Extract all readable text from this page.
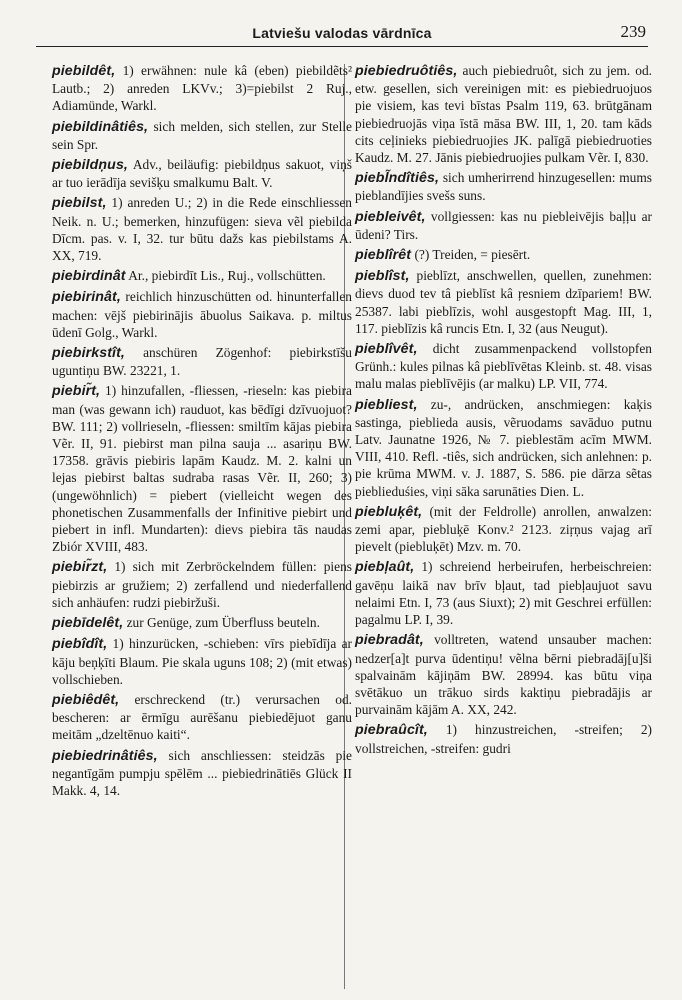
Latviešu valodas vārdnīca	239

piebildêt, 1) erwähnen: nule kâ (eben) piebildẽts² Lautb.; 2) anreden LKVv.; 3)=piebilst 2 Ruj., Adiamünde, Warkl.

piebildinâtiês, sich melden, sich stellen, zur Stelle sein Spr.

piebildņus, Adv., beiläufig: piebildņus sakuot, viņš ar tuo ierādīja sevišķu smalkumu Balt. V.

piebilst, 1) anreden U.; 2) in die Rede einschliessen Neik. n. U.; bemerken, hinzufügen: sieva vẽl piebilda Dīcm. pas. v. I, 32. tur būtu dažs kas piebilstams A. XX, 719.

piebirdinât Ar., piebirdīt Lis., Ruj., vollschütten.

piebirinât, reichlich hinzuschütten od. hinunterfallen machen: vējš piebirinājis ābuolus Saikava. p. miltus ūdenī Golg., Warkl.

piebirkstît, anschüren Zögenhof: piebirkstīšu uguntiņu BW. 23221, 1.

piebir̃t, 1) hinzufallen, -fliessen, -rieseln: kas piebira man (was gewann ich) rauduot, kas bēdīgi dzīvuojuot? BW. 111; 2) vollrieseln, -fliessen: smiltīm kājas piebira Vẽr. II, 91. piebirst man pilna sauja ... asariņu BW. 17358. grāvis piebiris lapām Kaudz. M. 2. kalni un lejas piebirst baltas sudraba rasas Vẽr. II, 260; 3) (ungewöhnlich) = piebert (vielleicht wegen des phonetischen Zusammenfalls der Infinitive piebirt und piebert in infl. Mundarten): dievs piebira tās naudas Zbiór XVIII, 483.

piebir̃zt, 1) sich mit Zerbröckelndem füllen: piens piebirzis ar gružiem; 2) zerfallend und niederfallend sich anhäufen: rudzi piebiržuši.

piebīdelêt, zur Genüge, zum Überfluss beuteln.

piebîdît, 1) hinzurücken, -schieben: vīrs piebīdīja ar kāju beņķīti Blaum. Pie skala uguns 108; 2) (mit etwas) vollschieben.

piebiêdêt, erschreckend (tr.) verursachen od. bescheren: ar ērmīgu aurēšanu piebiedējuot ganu meitām „dzeltēnuo kaiti“.

piebiedrinâtiês, sich anschliessen: steidzās pie negantīgām pumpju spēlēm ... piebiedrinātiēs Glück II Makk. 4, 14.

piebiedruôtiês, auch piebiedruôt, sich zu jem. od. etw. gesellen, sich vereinigen mit: es piebiedruojuos pie visiem, kas tevi bīstas Psalm 119, 63. brūtgānam piebiedruojās viņa īstā māsa BW. III, 1, 20. tam kāds cits ceļinieks piebiedruojies JK. palīgā piebiedruoties Kaudz. M. 27. Jānis piebiedruojies pulkam Vẽr. I, 830.

piebl̃ndîtiês, sich umherirrend hinzugesellen: mums pieblandījies svešs suns.

piebleivêt, vollgiessen: kas nu piebleivējis baļļu ar ūdeni? Tirs.

pieblîrêt (?) Treiden, = piesērt.

pieblîst, pieblīzt, anschwellen, quellen, zunehmen: dievs duod tev tâ pieblīst kâ ŗesniem dzīpariem! BW. 25387. labi pieblīzis, wohl ausgestopft Mag. III, 1, 117. pieblīzis kâ runcis Etn. I, 32 (aus Neugut).

pieblîvêt, dicht zusammenpackend vollstopfen Grünh.: kules pilnas kâ pieblīvētas Kleinb. st. 48. visas malu malas pieblīvējis (ar malku) LP. VII, 774.

piebliest, zu-, andrücken, anschmiegen: kaķis sastinga, pieblieda ausis, vẽruodams savāduo putnu Latv. Jaunatne 1926, № 7. pieblestām acīm MWM. VIII, 410. Refl. -tiês, sich andrücken, sich anlehnen: p. pie krūma MWM. v. J. 1887, S. 586. pie dārza sẽtas pieblieduśies, viņi sāka sarunāties Dien. L.

piebluķêt, (mit der Feldrolle) anrollen, anwalzen: zemi apar, piebluķē Konv.² 2123. ziŗņus vajag arī pievelt (piebluķēt) Mzv. m. 70.

piebļaût, 1) schreiend herbeirufen, herbeischreien: gavēņu laikā nav brīv bļaut, tad piebļaujuot savu nelaimi Etn. I, 73 (aus Siuxt); 2) mit Geschrei erfüllen: pagalmu LP. I, 39.

piebradât, volltreten, watend unsauber machen: nedzer[a]t purva ūdentiņu! vẽlna bērni piebradāj[u]ši spalvainām kājiņām BW. 28994. kas būtu viņa svētākuo un trākuo sirds kaktiņu piebradājis ar purvainām kājām A. XX, 242.

piebraûcît, 1) hinzustreichen, -streifen; 2) vollstreichen, -streifen: gudri
